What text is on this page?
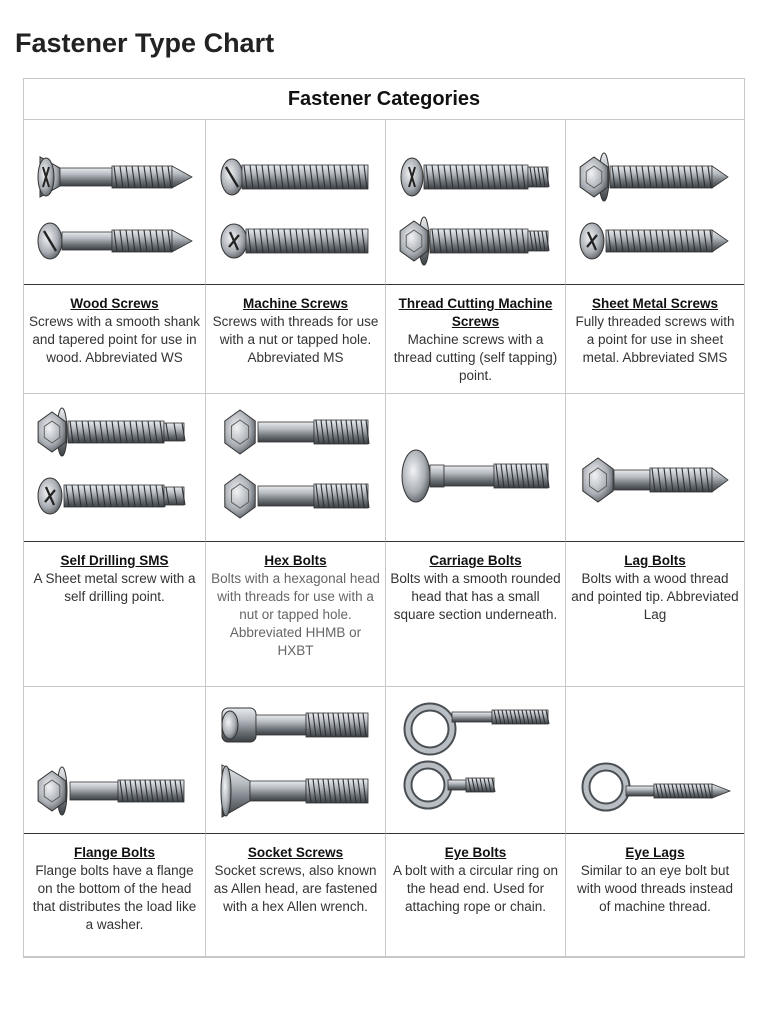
Fastener Type Chart
Fastener Categories
Wood Screws
Screws with a smooth shank and tapered point for use in wood. Abbreviated WS
Machine Screws
Screws with threads for use with a nut or tapped hole. Abbreviated MS
Thread Cutting Machine Screws
Machine screws with a thread cutting (self tapping) point.
Sheet Metal Screws
Fully threaded screws with a point for use in sheet metal. Abbreviated SMS
Self Drilling SMS
A Sheet metal screw with a self drilling point.
Hex Bolts
Bolts with a hexagonal head with threads for use with a nut or tapped hole. Abbreviated HHMB or HXBT
Carriage Bolts
Bolts with a smooth rounded head that has a small square section underneath.
Lag Bolts
Bolts with a wood thread and pointed tip. Abbreviated Lag
Flange Bolts
Flange bolts have a flange on the bottom of the head that distributes the load like a washer.
Socket Screws
Socket screws, also known as Allen head, are fastened with a hex Allen wrench.
Eye Bolts
A bolt with a circular ring on the head end. Used for attaching rope or chain.
Eye Lags
Similar to an eye bolt but with wood threads instead of machine thread.
